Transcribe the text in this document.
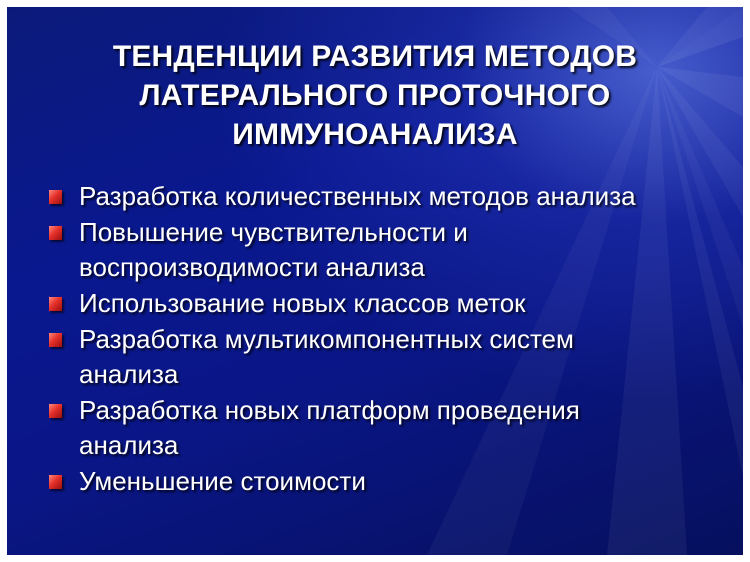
ТЕНДЕНЦИИ РАЗВИТИЯ МЕТОДОВ
ЛАТЕРАЛЬНОГО ПРОТОЧНОГО
ИММУНОАНАЛИЗА
Разработка количественных методов анализа
Повышение чувствительности и
воспроизводимости анализа
Использование новых классов меток
Разработка мультикомпонентных систем
анализа
Разработка новых платформ проведения
анализа
Уменьшение стоимости
